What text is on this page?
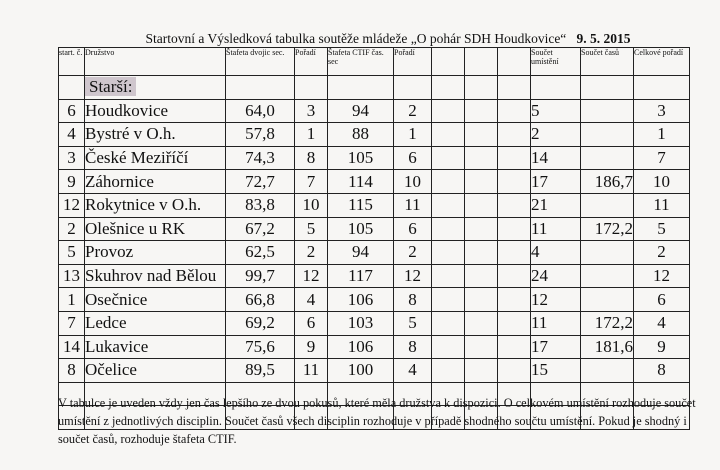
Startovní a Výsledková tabulka soutěže mládeže „O pohár SDH Houdkovice“ 9. 5. 2015
start. č.	Družstvo	Štafeta dvojic sec.	Pořadí	Štafeta CTIF čas. sec	Pořadí				Součet umístění	Součet časů	Celkové pořadí
	Starší:										
6	Houdkovice	64,0	3	94	2				5		3
4	Bystré v O.h.	57,8	1	88	1				2		1
3	České Meziříčí	74,3	8	105	6				14		7
9	Záhornice	72,7	7	114	10				17	186,7	10
12	Rokytnice v O.h.	83,8	10	115	11				21		11
2	Olešnice u RK	67,2	5	105	6				11	172,2	5
5	Provoz	62,5	2	94	2				4		2
13	Skuhrov nad Bělou	99,7	12	117	12				24		12
1	Osečnice	66,8	4	106	8				12		6
7	Ledce	69,2	6	103	5				11	172,2	4
14	Lukavice	75,6	9	106	8				17	181,6	9
8	Očelice	89,5	11	100	4				15		8

V tabulce je uveden vždy jen čas lepšího ze dvou pokusů, které měla družstva k dispozici. O celkovém umístění rozhoduje součet umístění z jednotlivých disciplin. Součet časů všech disciplin rozhoduje v případě shodného součtu umístění. Pokud je shodný i součet časů, rozhoduje štafeta CTIF.
